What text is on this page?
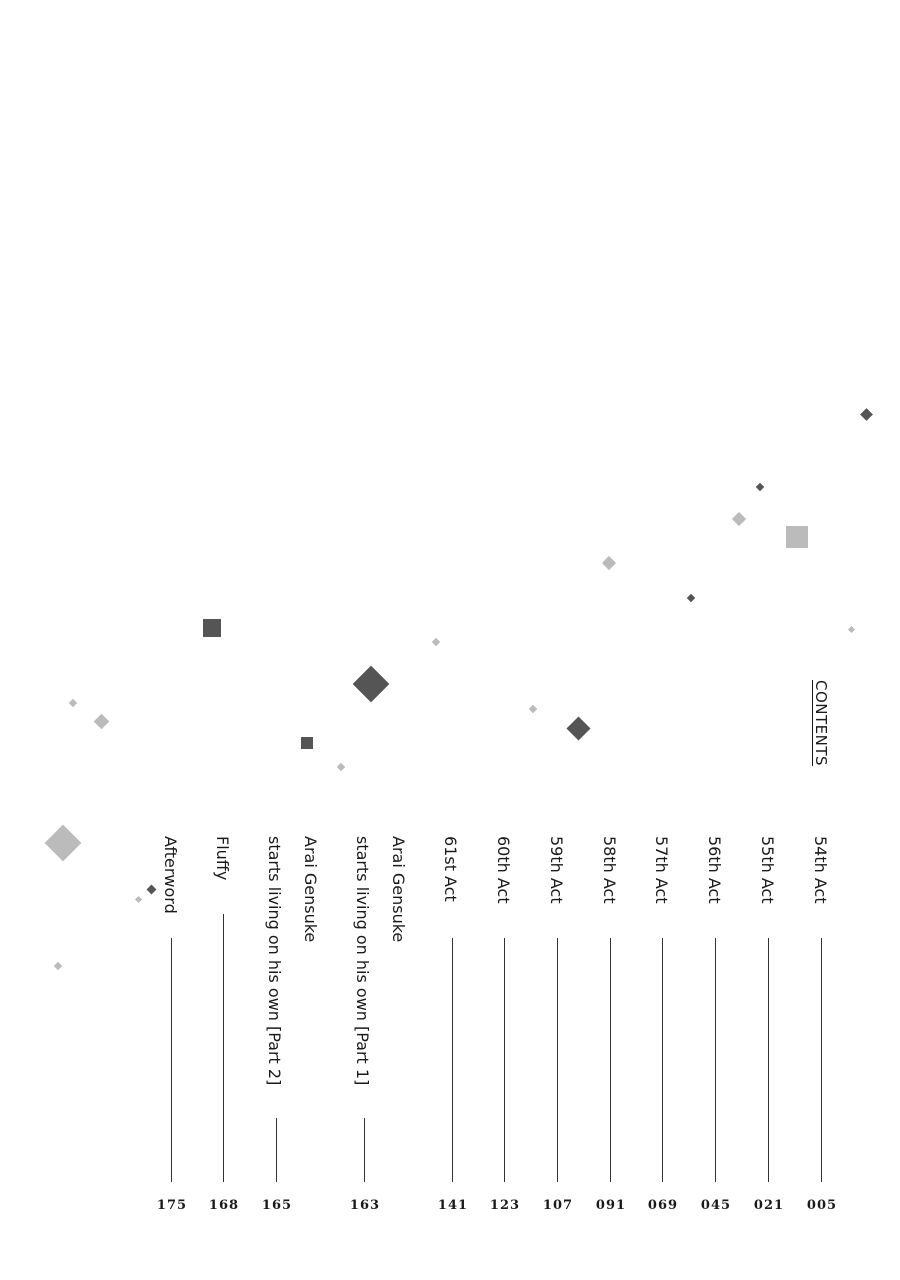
CONTENTS
54th Act
55th Act
56th Act
57th Act
58th Act
59th Act
60th Act
61st Act
Arai Gensuke
starts living on his own [Part 1]
Arai Gensuke
starts living on his own [Part 2]
Fluffy
Afterword
005
021
045
069
091
107
123
141
163
165
168
175
